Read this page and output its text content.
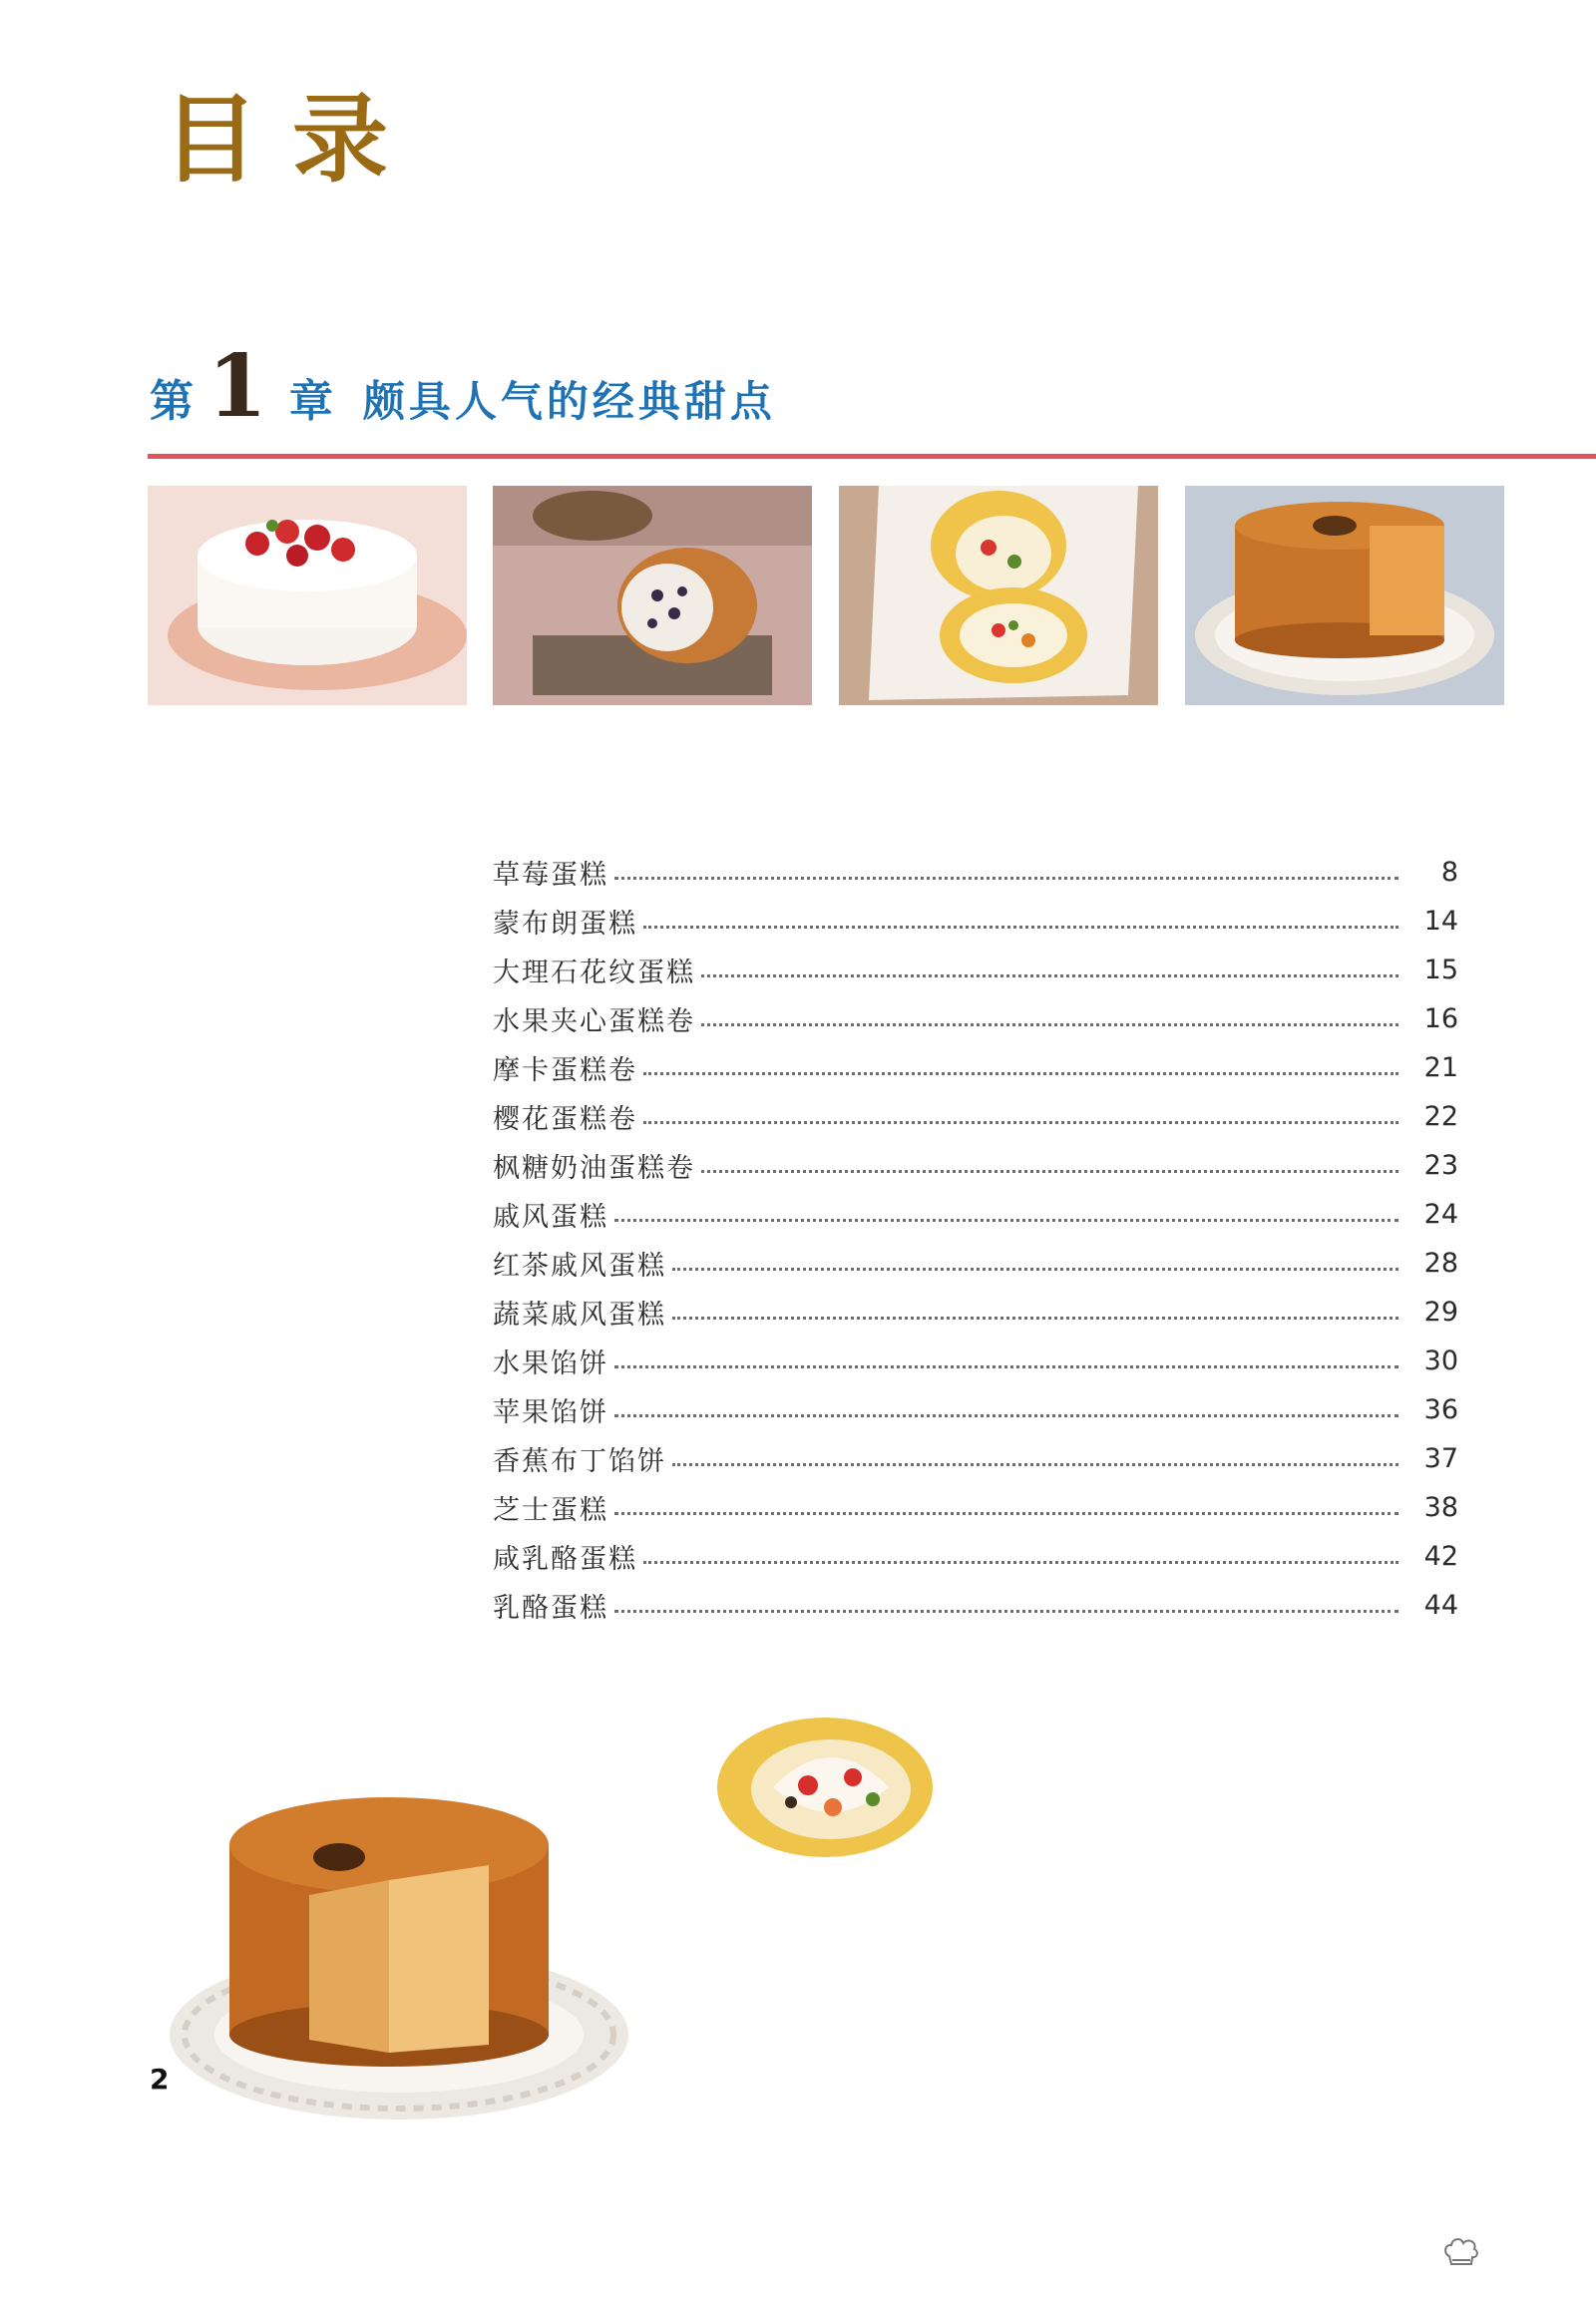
目录
第 1 章 颇具人气的经典甜点
草莓蛋糕	8
蒙布朗蛋糕	14
大理石花纹蛋糕	15
水果夹心蛋糕卷	16
摩卡蛋糕卷	21
樱花蛋糕卷	22
枫糖奶油蛋糕卷	23
戚风蛋糕	24
红茶戚风蛋糕	28
蔬菜戚风蛋糕	29
水果馅饼	30
苹果馅饼	36
香蕉布丁馅饼	37
芝士蛋糕	38
咸乳酪蛋糕	42
乳酪蛋糕	44
2
